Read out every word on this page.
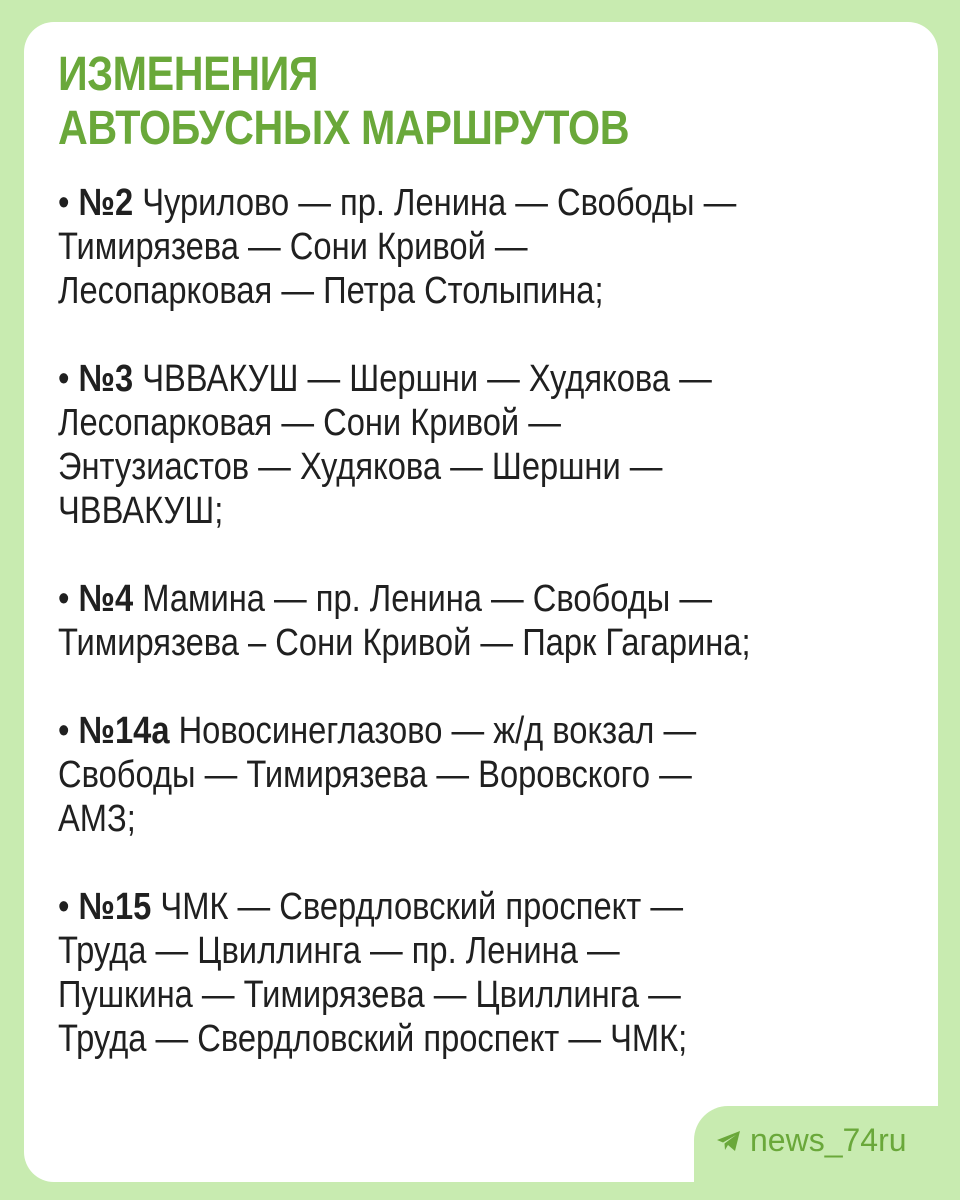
ИЗМЕНЕНИЯ
АВТОБУСНЫХ МАРШРУТОВ
• №2 Чурилово — пр. Ленина — Свободы —
Тимирязева — Сони Кривой —
Лесопарковая — Петра Столыпина;
• №3 ЧВВАКУШ — Шершни — Худякова —
Лесопарковая — Сони Кривой —
Энтузиастов — Худякова — Шершни —
ЧВВАКУШ;
• №4 Мамина — пр. Ленина — Свободы —
Тимирязева – Сони Кривой — Парк Гагарина;
• №14а Новосинеглазово — ж/д вокзал —
Свободы — Тимирязева — Воровского —
АМЗ;
• №15 ЧМК — Свердловский проспект —
Труда — Цвиллинга — пр. Ленина —
Пушкина — Тимирязева — Цвиллинга —
Труда — Свердловский проспект — ЧМК;
news_74ru
